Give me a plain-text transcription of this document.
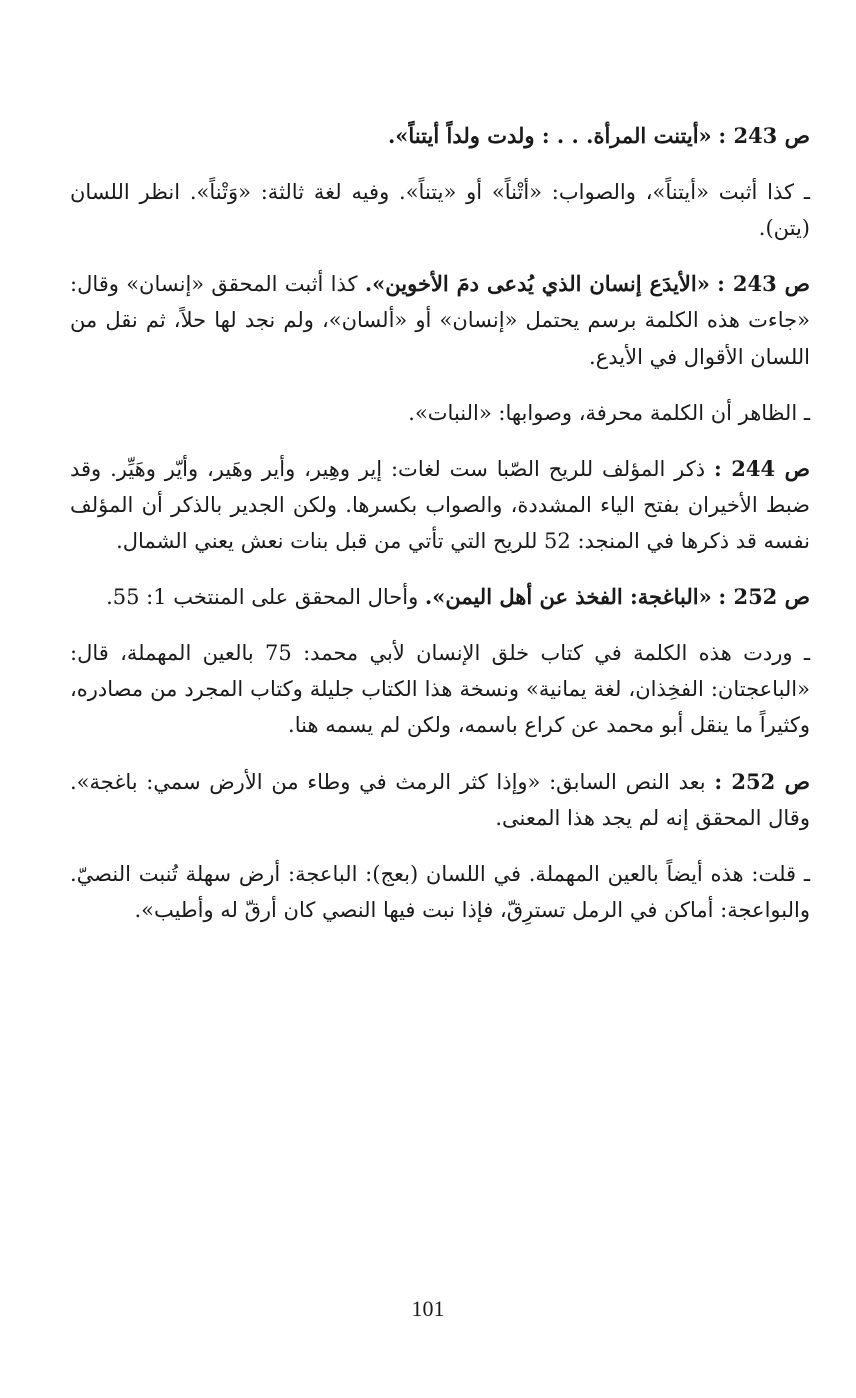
ص 243 : «أيتنت المرأة. . . : ولدت ولداً أيتناً».

ـ كذا أثبت «أيتناً»، والصواب: «أتْناً» أو «يتناً». وفيه لغة ثالثة: «وَتْناً». انظر اللسان (يتن).

ص 243 : «الأيدَع إنسان الذي يُدعى دمَ الأخوين». كذا أثبت المحقق «إنسان» وقال: «جاءت هذه الكلمة برسم يحتمل «إنسان» أو «ألسان»، ولم نجد لها حلاً، ثم نقل من اللسان الأقوال في الأيدع.

ـ الظاهر أن الكلمة محرفة، وصوابها: «النبات».

ص 244 : ذكر المؤلف للريح الصّبا ست لغات: إير وهِير، وأير وهَير، وأيّر وهَيِّر. وقد ضبط الأخيران بفتح الياء المشددة، والصواب بكسرها. ولكن الجدير بالذكر أن المؤلف نفسه قد ذكرها في المنجد: 52 للريح التي تأتي من قبل بنات نعش يعني الشمال.

ص 252 : «الباغجة: الفخذ عن أهل اليمن». وأحال المحقق على المنتخب 1: 55.

ـ وردت هذه الكلمة في كتاب خلق الإنسان لأبي محمد: 75 بالعين المهملة، قال: «الباعجتان: الفخِذان، لغة يمانية» ونسخة هذا الكتاب جليلة وكتاب المجرد من مصادره، وكثيراً ما ينقل أبو محمد عن كراع باسمه، ولكن لم يسمه هنا.

ص 252 : بعد النص السابق: «وإذا كثر الرمث في وطاء من الأرض سمي: باغجة». وقال المحقق إنه لم يجد هذا المعنى.

ـ قلت: هذه أيضاً بالعين المهملة. في اللسان (بعج): الباعجة: أرض سهلة تُنبت النصيّ. والبواعجة: أماكن في الرمل تسترِقّ، فإذا نبت فيها النصي كان أرقّ له وأطيب».

101
